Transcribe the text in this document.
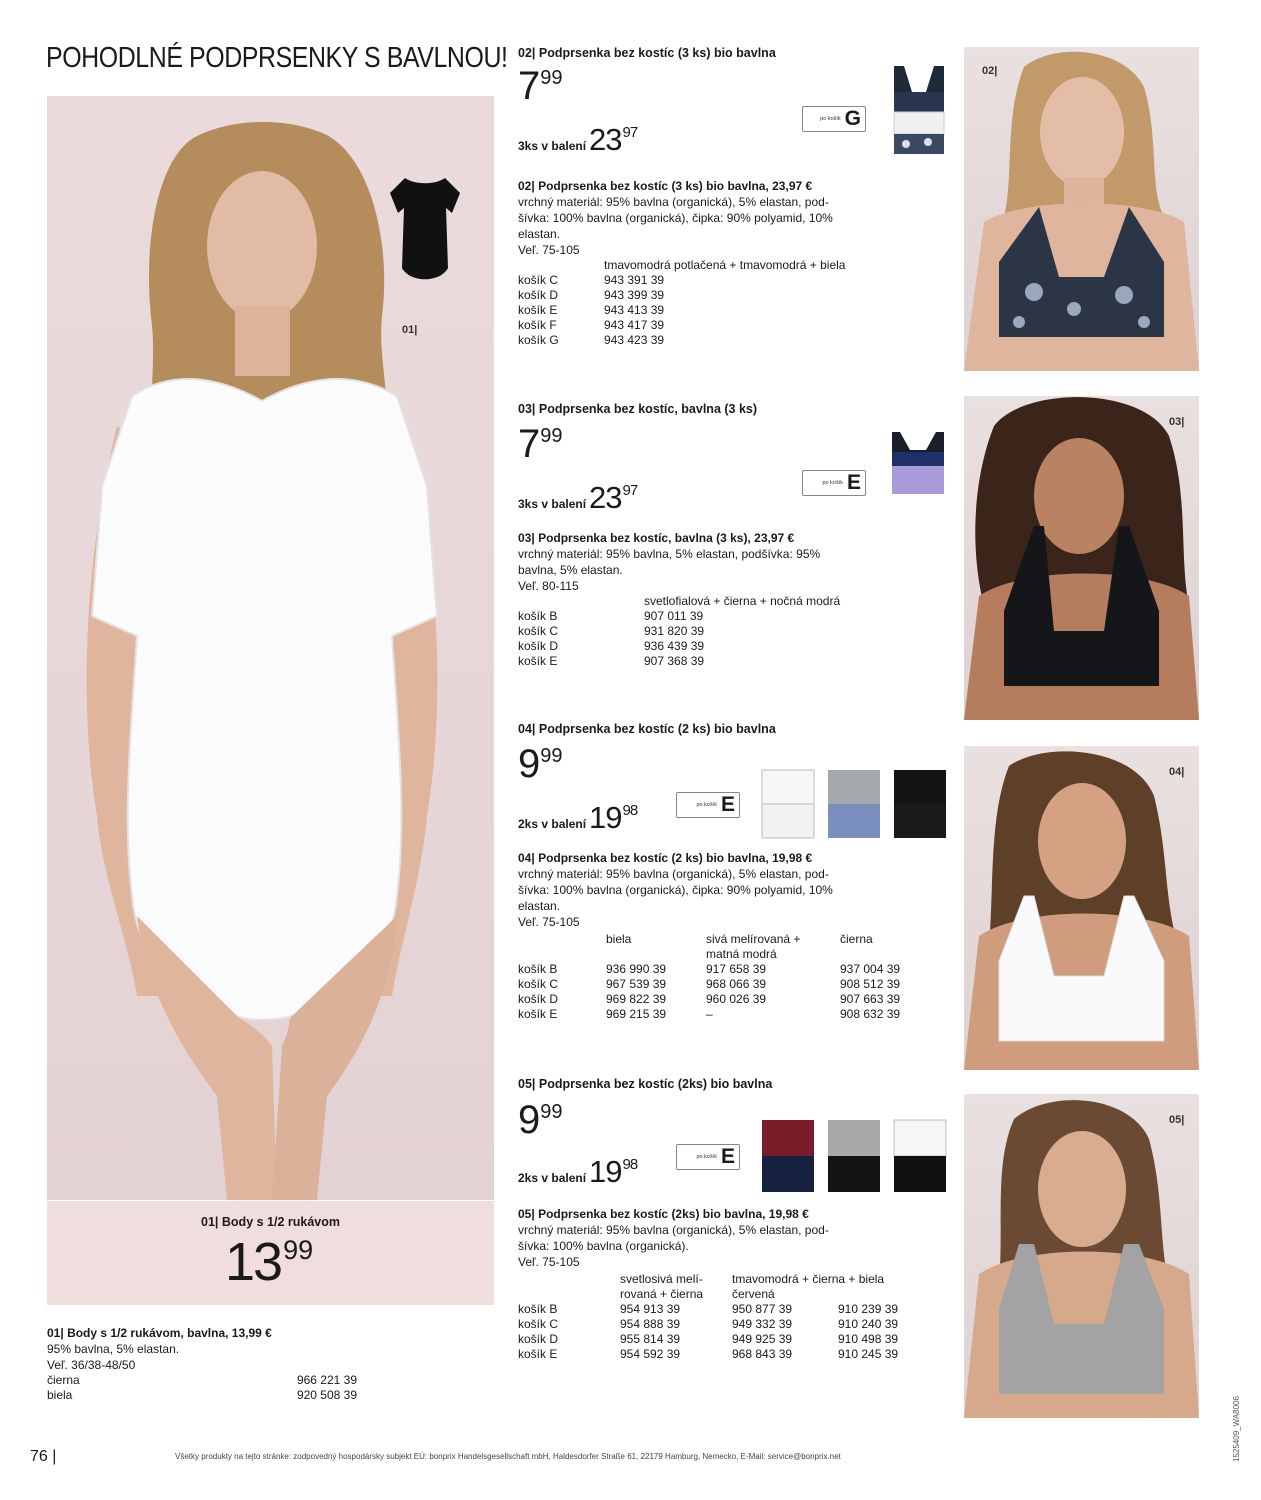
POHODLNÉ PODPRSENKY S BAVLNOU!
01|
01| Body s 1/2 rukávom
$13^{99}$
01| Body s 1/2 rukávom, bavlna, 13,99 €
95% bavlna, 5% elastan.
Veľ. 36/38-48/50
čierna	966 221 39
biela	920 508 39
02| Podprsenka bez kostíc (3 ks) bio bavlna
7 $^{99}$
3ks v $balení23^{97}$
po košík G
02| Podprsenka bez kostíc (3 ks) bio bavlna, 23,97 €
vrchný materiál: 95% bavlna (organická), 5% elastan, pod-
šívka: 100% bavlna (organická), čipka: 90% polyamid, 10%
elastan.
Veľ. 75-105
	tmavomodrá potlačená + tmavomodrá + biela
košík C	943 391 39
košík D	943 399 39
košík E	943 413 39
košík F	943 417 39
košík G	943 423 39
02|
03| Podprsenka bez kostíc, bavlna (3 ks)
7 $^{99}$
3ks v $balení23^{97}$	po košík E
03| Podprsenka bez kostíc, bavlna (3 ks), 23,97 €
vrchný materiál: 95% bavlna, 5% elastan, podšívka: 95%
bavlna, 5% elastan.
Veľ. 80-115
	svetlofialová + čierna + nočná modrá
košík B	907 011 39
košík C	931 820 39
košík D	936 439 39
košík E	907 368 39
03|
04| Podprsenka bez kostíc (2 ks) bio bavlna
9 $^{99}$
2ks v $balení19^{98}$	po košík E
04| Podprsenka bez kostíc (2 ks) bio bavlna, 19,98 €
vrchný materiál: 95% bavlna (organická), 5% elastan, pod-
šívka: 100% bavlna (organická), čipka: 90% polyamid, 10%
elastan.
Veľ. 75-105
	biela	sivá melírovaná +	čierna
		matná modrá	
košík B	936 990 39	917 658 39	937 004 39
košík C	967 539 39	968 066 39	908 512 39
košík D	969 822 39	960 026 39	907 663 39
košík E	969 215 39	–	908 632 39
04|
05| Podprsenka bez kostíc (2ks) bio bavlna
9 $^{99}$
2ks v $balení19^{98}$	po košík E
05| Podprsenka bez kostíc (2ks) bio bavlna, 19,98 €
vrchný materiál: 95% bavlna (organická), 5% elastan, pod-
šívka: 100% bavlna (organická).
Veľ. 75-105
	svetlosivá melí-	tmavomodrá + čierna + biela	
	rovaná + čierna	červená	
košík B	954 913 39	950 877 39	910 239 39
košík C	954 888 39	949 332 39	910 240 39
košík D	955 814 39	949 925 39	910 498 39
košík E	954 592 39	968 843 39	910 245 39
05|
76 |	Všetky produkty na tejto stránke: zodpovedný hospodársky subjekt EÚ: bonprix Handelsgesellschaft mbH, Haldesdorfer Straße 61, 22179 Hamburg, Nemecko, E-Mail: service@bonprix.net	1525409_WA8006
